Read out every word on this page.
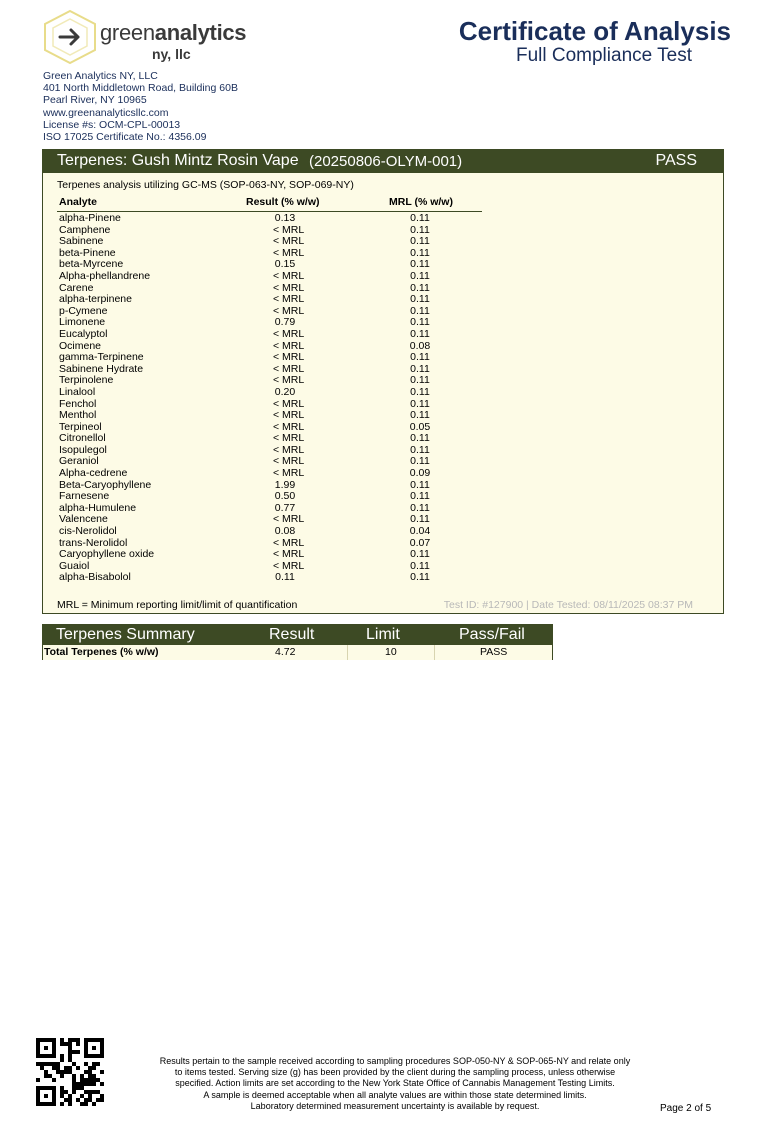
greenanalytics
ny, llc
Green Analytics NY, LLC
401 North Middletown Road, Building 60B
Pearl River, NY 10965
www.greenanalyticsllc.com
License #s: OCM-CPL-00013
ISO 17025 Certificate No.: 4356.09
Certificate of Analysis
Full Compliance Test
Terpenes: Gush Mintz Rosin Vape (20250806-OLYM-001)	PASS
Terpenes analysis utilizing GC-MS (SOP-063-NY, SOP-069-NY)
Analyte	Result (% w/w)	MRL (% w/w)
alpha-Pinene	0.13	0.11
Camphene	< MRL	0.11
Sabinene	< MRL	0.11
beta-Pinene	< MRL	0.11
beta-Myrcene	0.15	0.11
Alpha-phellandrene	< MRL	0.11
Carene	< MRL	0.11
alpha-terpinene	< MRL	0.11
p-Cymene	< MRL	0.11
Limonene	0.79	0.11
Eucalyptol	< MRL	0.11
Ocimene	< MRL	0.08
gamma-Terpinene	< MRL	0.11
Sabinene Hydrate	< MRL	0.11
Terpinolene	< MRL	0.11
Linalool	0.20	0.11
Fenchol	< MRL	0.11
Menthol	< MRL	0.11
Terpineol	< MRL	0.05
Citronellol	< MRL	0.11
Isopulegol	< MRL	0.11
Geraniol	< MRL	0.11
Alpha-cedrene	< MRL	0.09
Beta-Caryophyllene	1.99	0.11
Farnesene	0.50	0.11
alpha-Humulene	0.77	0.11
Valencene	< MRL	0.11
cis-Nerolidol	0.08	0.04
trans-Nerolidol	< MRL	0.07
Caryophyllene oxide	< MRL	0.11
Guaiol	< MRL	0.11
alpha-Bisabolol	0.11	0.11
MRL = Minimum reporting limit/limit of quantification	Test ID: #127900 | Date Tested: 08/11/2025 08:37 PM
Terpenes Summary	Result	Limit	Pass/Fail
Total Terpenes (% w/w)	4.72	10	PASS
Results pertain to the sample received according to sampling procedures SOP-050-NY & SOP-065-NY and relate only
to items tested. Serving size (g) has been provided by the client during the sampling process, unless otherwise
specified. Action limits are set according to the New York State Office of Cannabis Management Testing Limits.
A sample is deemed acceptable when all analyte values are within those state determined limits.
Laboratory determined measurement uncertainty is available by request.	Page 2 of 5
